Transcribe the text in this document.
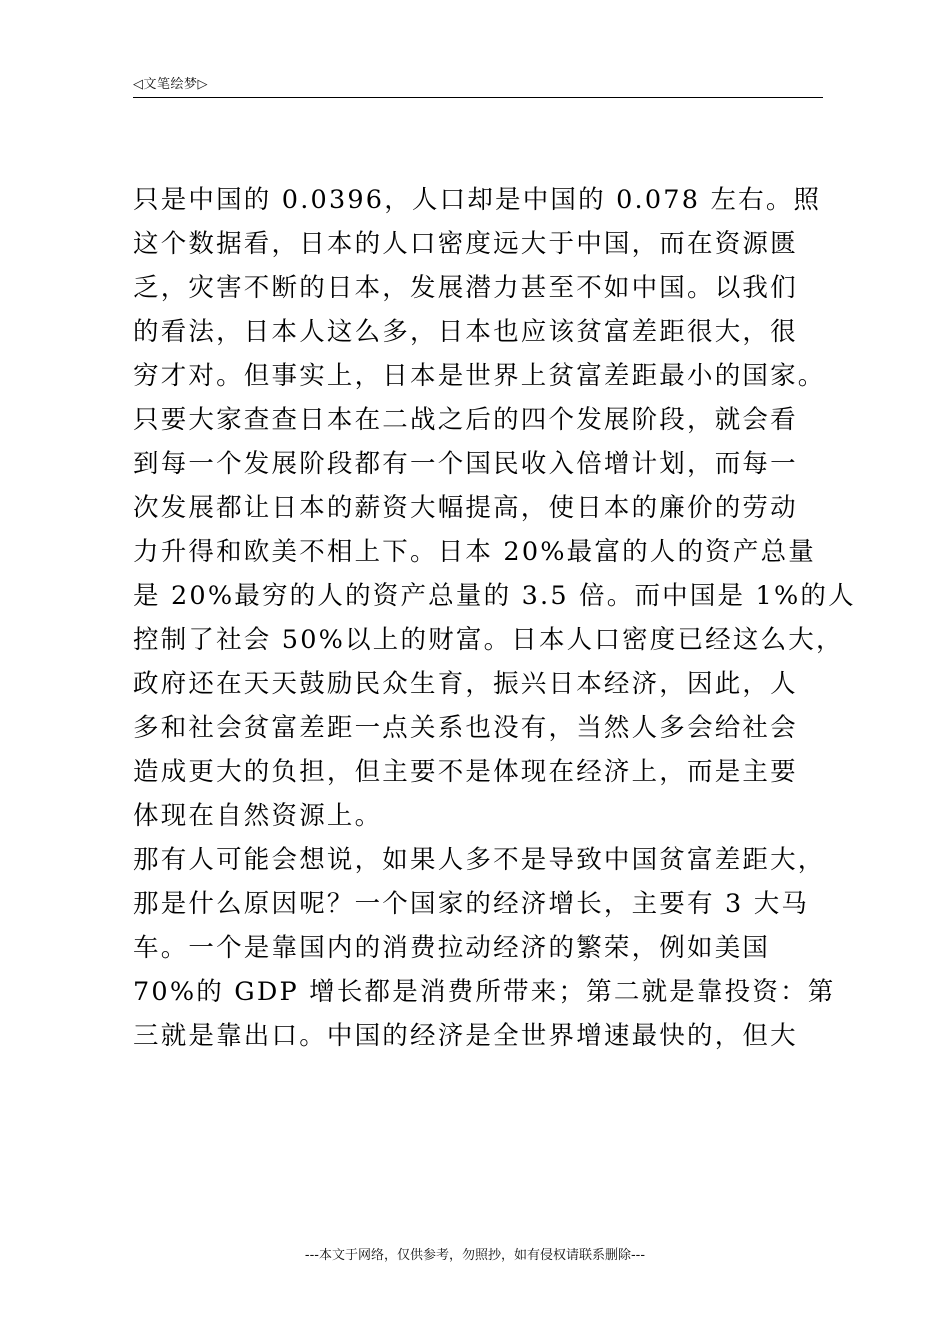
◁文笔绘梦▷
只是中国的 0.0396，人口却是中国的 0.078 左右。照
这个数据看，日本的人口密度远大于中国，而在资源匮
乏，灾害不断的日本，发展潜力甚至不如中国。以我们
的看法，日本人这么多，日本也应该贫富差距很大，很
穷才对。但事实上，日本是世界上贫富差距最小的国家。
只要大家查查日本在二战之后的四个发展阶段，就会看
到每一个发展阶段都有一个国民收入倍增计划，而每一
次发展都让日本的薪资大幅提高，使日本的廉价的劳动
力升得和欧美不相上下。日本 20%最富的人的资产总量
是 20%最穷的人的资产总量的 3.5 倍。而中国是 1%的人
控制了社会 50%以上的财富。日本人口密度已经这么大，
政府还在天天鼓励民众生育，振兴日本经济，因此，人
多和社会贫富差距一点关系也没有，当然人多会给社会
造成更大的负担，但主要不是体现在经济上，而是主要
体现在自然资源上。
那有人可能会想说，如果人多不是导致中国贫富差距大，
那是什么原因呢？一个国家的经济增长，主要有 3 大马
车。一个是靠国内的消费拉动经济的繁荣，例如美国
70%的 GDP 增长都是消费所带来；第二就是靠投资：第
三就是靠出口。中国的经济是全世界增速最快的，但大
---本文于网络，仅供参考，勿照抄，如有侵权请联系删除---
